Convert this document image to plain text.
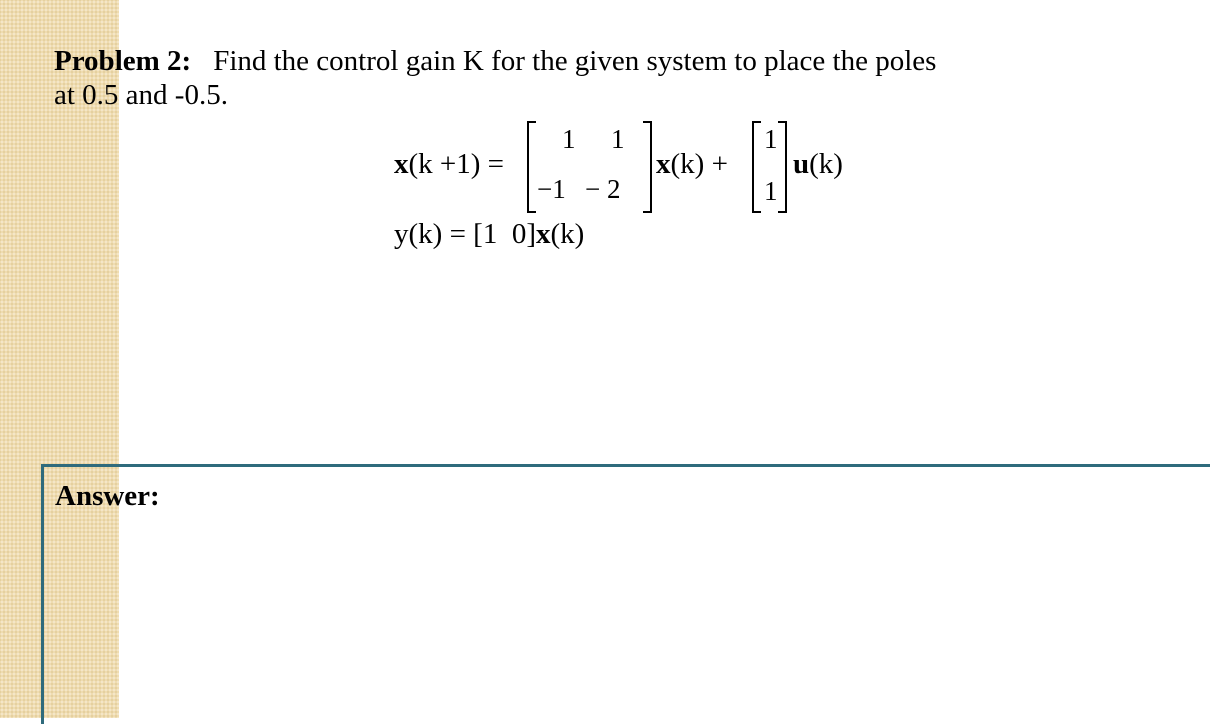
Problem 2: Find the control gain K for the given system to place the poles
at 0.5 and -0.5.
x(k +1) =
1 1
−1 − 2
x(k) +
1
1
u(k)
y(k) = [1  0]x(k)
Answer:
